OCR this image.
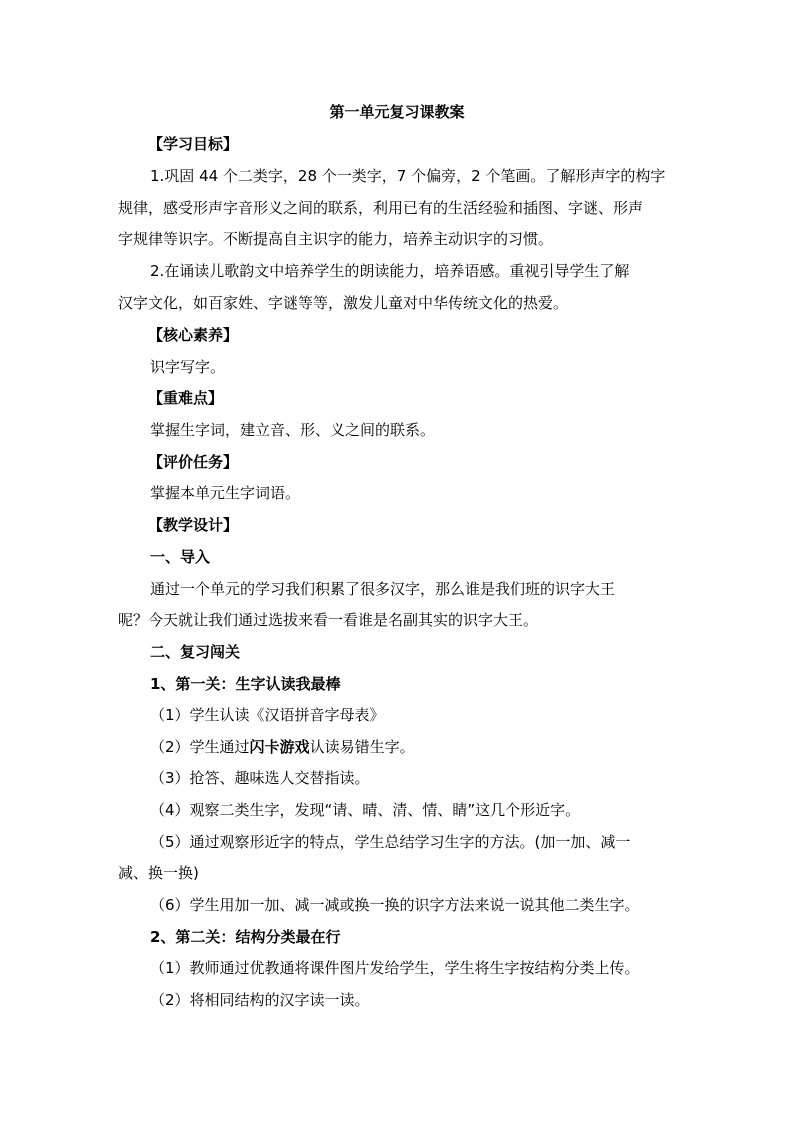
第一单元复习课教案
【学习目标】
1.巩固 44 个二类字，28 个一类字，7 个偏旁，2 个笔画。了解形声字的构字
规律，感受形声字音形义之间的联系，利用已有的生活经验和插图、字谜、形声
字规律等识字。不断提高自主识字的能力，培养主动识字的习惯。
2.在诵读儿歌韵文中培养学生的朗读能力，培养语感。重视引导学生了解
汉字文化，如百家姓、字谜等等，激发儿童对中华传统文化的热爱。
【核心素养】
识字写字。
【重难点】
掌握生字词，建立音、形、义之间的联系。
【评价任务】
掌握本单元生字词语。
【教学设计】
一、导入
通过一个单元的学习我们积累了很多汉字，那么谁是我们班的识字大王
呢？今天就让我们通过选拔来看一看谁是名副其实的识字大王。
二、复习闯关
1、第一关：生字认读我最棒
（1）学生认读《汉语拼音字母表》
（2）学生通过闪卡游戏认读易错生字。
（3）抢答、趣味选人交替指读。
（4）观察二类生字，发现“请、晴、清、情、睛”这几个形近字。
（5）通过观察形近字的特点，学生总结学习生字的方法。(加一加、减一
减、换一换)
（6）学生用加一加、减一减或换一换的识字方法来说一说其他二类生字。
2、第二关：结构分类最在行
（1）教师通过优教通将课件图片发给学生，学生将生字按结构分类上传。
（2）将相同结构的汉字读一读。
